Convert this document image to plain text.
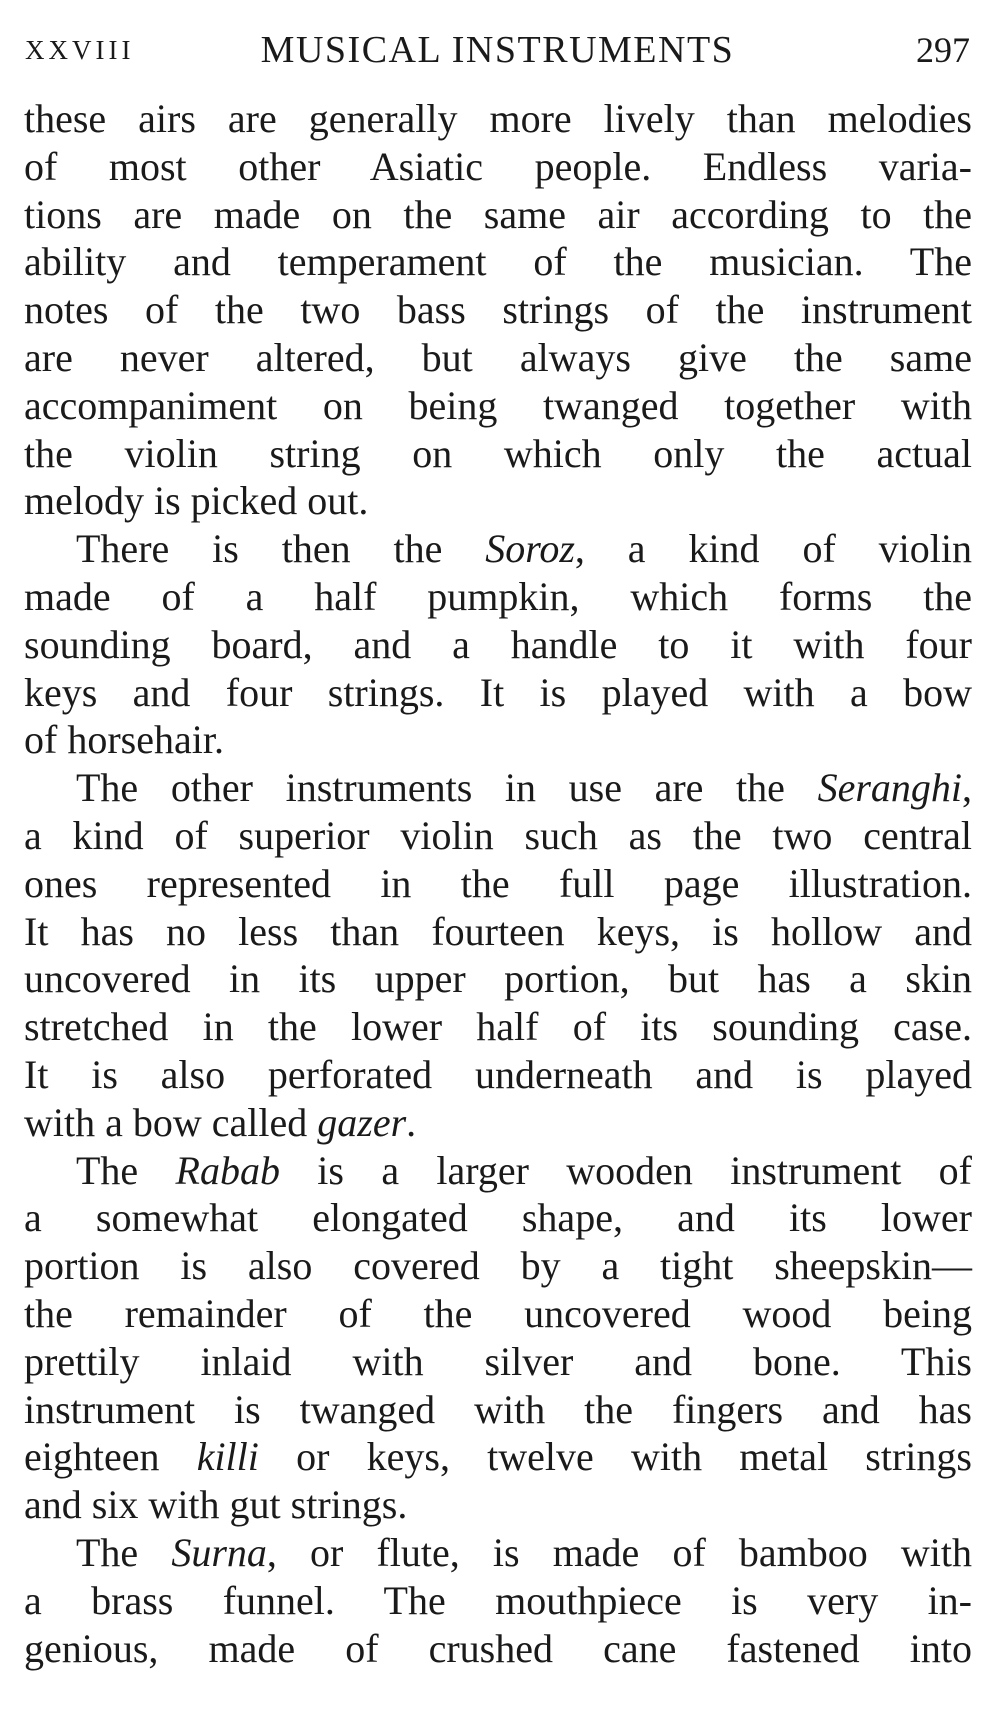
XXVIII	MUSICAL INSTRUMENTS	297
these airs are generally more lively than melodies
of most other Asiatic people. Endless varia-
tions are made on the same air according to the
ability and temperament of the musician. The
notes of the two bass strings of the instrument
are never altered, but always give the same
accompaniment on being twanged together with
the violin string on which only the actual
melody is picked out.
There is then the Soroz, a kind of violin
made of a half pumpkin, which forms the
sounding board, and a handle to it with four
keys and four strings. It is played with a bow
of horsehair.
The other instruments in use are the Seranghi,
a kind of superior violin such as the two central
ones represented in the full page illustration.
It has no less than fourteen keys, is hollow and
uncovered in its upper portion, but has a skin
stretched in the lower half of its sounding case.
It is also perforated underneath and is played
with a bow called gazer.
The Rabab is a larger wooden instrument of
a somewhat elongated shape, and its lower
portion is also covered by a tight sheepskin—
the remainder of the uncovered wood being
prettily inlaid with silver and bone. This
instrument is twanged with the fingers and has
eighteen killi or keys, twelve with metal strings
and six with gut strings.
The Surna, or flute, is made of bamboo with
a brass funnel. The mouthpiece is very in-
genious, made of crushed cane fastened into
